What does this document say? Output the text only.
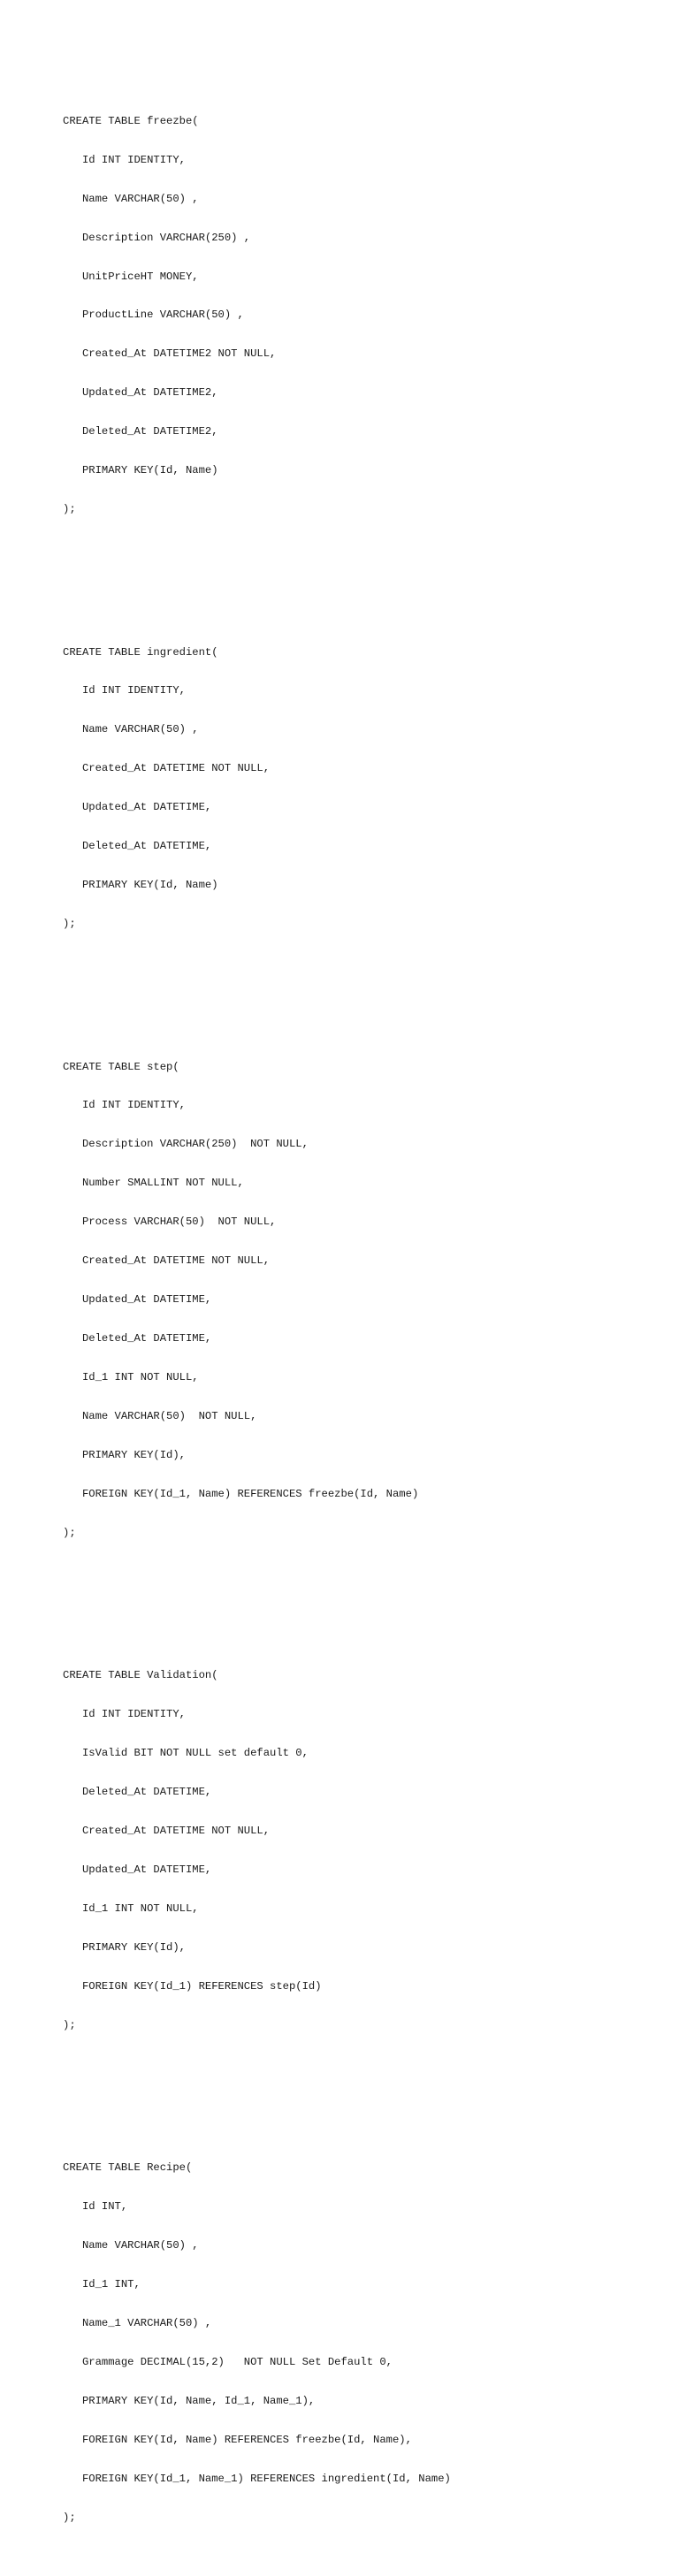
CREATE TABLE freezbe(

Id INT IDENTITY,

Name VARCHAR(50) ,

Description VARCHAR(250) ,

UnitPriceHT MONEY,

ProductLine VARCHAR(50) ,

Created_At DATETIME2 NOT NULL,

Updated_At DATETIME2,

Deleted_At DATETIME2,

PRIMARY KEY(Id, Name)

);

CREATE TABLE ingredient(

Id INT IDENTITY,

Name VARCHAR(50) ,

Created_At DATETIME NOT NULL,

Updated_At DATETIME,

Deleted_At DATETIME,

PRIMARY KEY(Id, Name)

);

CREATE TABLE step(

Id INT IDENTITY,

Description VARCHAR(250)  NOT NULL,

Number SMALLINT NOT NULL,

Process VARCHAR(50)  NOT NULL,

Created_At DATETIME NOT NULL,

Updated_At DATETIME,

Deleted_At DATETIME,

Id_1 INT NOT NULL,

Name VARCHAR(50)  NOT NULL,

PRIMARY KEY(Id),

FOREIGN KEY(Id_1, Name) REFERENCES freezbe(Id, Name)

);

CREATE TABLE Validation(

Id INT IDENTITY,

IsValid BIT NOT NULL set default 0,

Deleted_At DATETIME,

Created_At DATETIME NOT NULL,

Updated_At DATETIME,

Id_1 INT NOT NULL,

PRIMARY KEY(Id),

FOREIGN KEY(Id_1) REFERENCES step(Id)

);

CREATE TABLE Recipe(

Id INT,

Name VARCHAR(50) ,

Id_1 INT,

Name_1 VARCHAR(50) ,

Grammage DECIMAL(15,2)   NOT NULL Set Default 0,

PRIMARY KEY(Id, Name, Id_1, Name_1),

FOREIGN KEY(Id, Name) REFERENCES freezbe(Id, Name),

FOREIGN KEY(Id_1, Name_1) REFERENCES ingredient(Id, Name)

);
